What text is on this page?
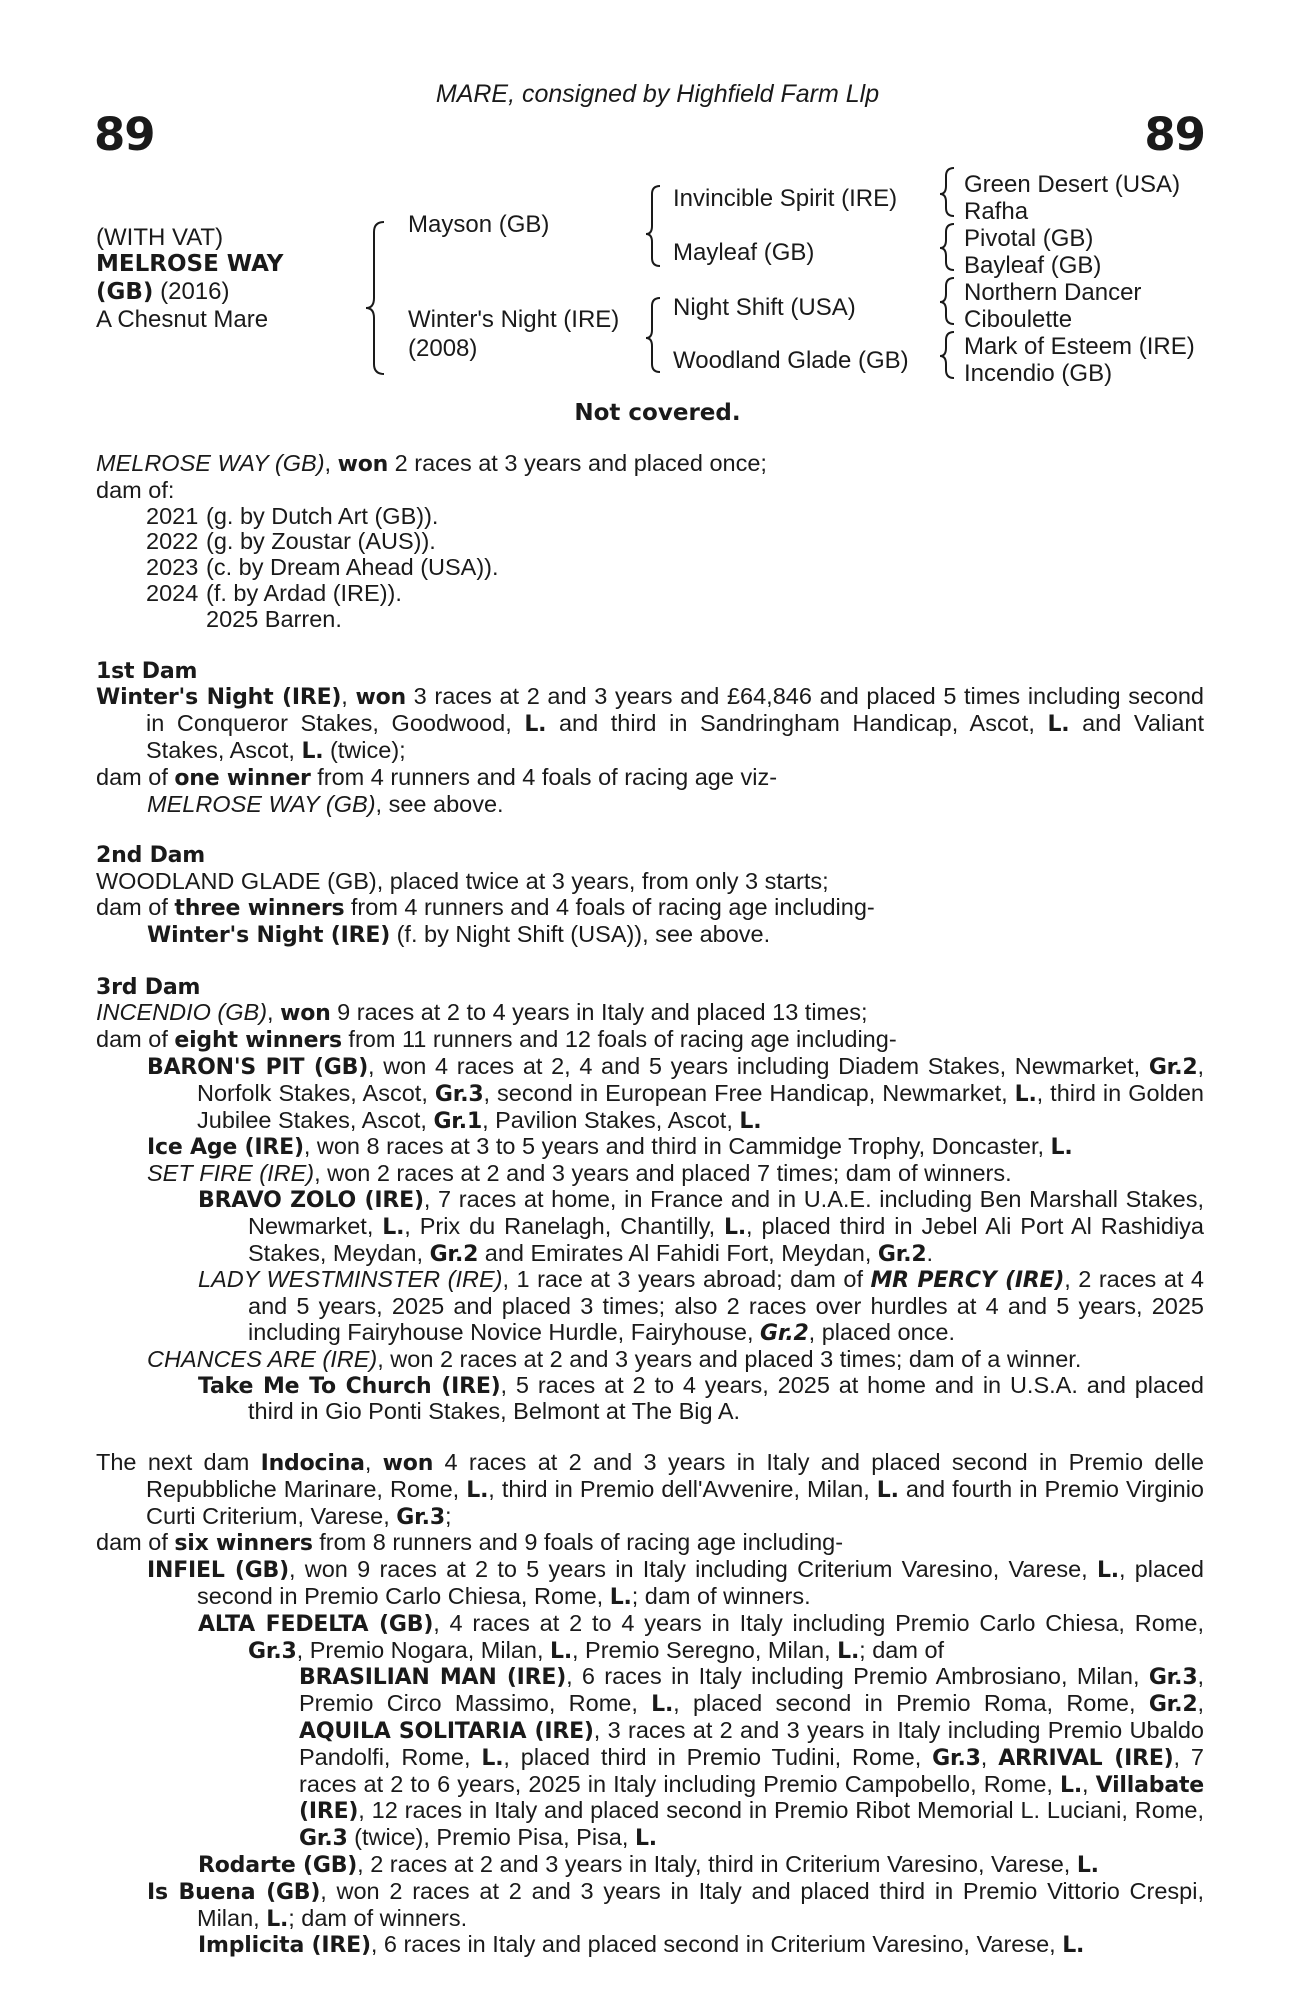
89	89
MARE, consigned by Highfield Farm Llp
(WITH VAT)
MELROSE WAY
(GB) (2016)
A Chesnut Mare
Mayson (GB)
Winter's Night (IRE)
(2008)
Invincible Spirit (IRE)
Mayleaf (GB)
Night Shift (USA)
Woodland Glade (GB)
Green Desert (USA)
Rafha
Pivotal (GB)
Bayleaf (GB)
Northern Dancer
Ciboulette
Mark of Esteem (IRE)
Incendio (GB)
Not covered.

MELROSE WAY (GB), won 2 races at 3 years and placed once;

dam of:

2021 (g. by Dutch Art (GB)).
2022 (g. by Zoustar (AUS)).
2023 (c. by Dream Ahead (USA)).
2024 (f. by Ardad (IRE)).
2025 Barren.

1st Dam

Winter's Night (IRE), won 3 races at 2 and 3 years and £64,846 and placed 5 times including second in Conqueror Stakes, Goodwood, L. and third in Sandringham Handicap, Ascot, L. and Valiant Stakes, Ascot, L. (twice);

dam of one winner from 4 runners and 4 foals of racing age viz-

MELROSE WAY (GB), see above.

2nd Dam

WOODLAND GLADE (GB), placed twice at 3 years, from only 3 starts;

dam of three winners from 4 runners and 4 foals of racing age including-

Winter's Night (IRE) (f. by Night Shift (USA)), see above.

3rd Dam

INCENDIO (GB), won 9 races at 2 to 4 years in Italy and placed 13 times;

dam of eight winners from 11 runners and 12 foals of racing age including-

BARON'S PIT (GB), won 4 races at 2, 4 and 5 years including Diadem Stakes, Newmarket, Gr.2, Norfolk Stakes, Ascot, Gr.3, second in European Free Handicap, Newmarket, L., third in Golden Jubilee Stakes, Ascot, Gr.1, Pavilion Stakes, Ascot, L.

Ice Age (IRE), won 8 races at 3 to 5 years and third in Cammidge Trophy, Doncaster, L.

SET FIRE (IRE), won 2 races at 2 and 3 years and placed 7 times; dam of winners.

BRAVO ZOLO (IRE), 7 races at home, in France and in U.A.E. including Ben Marshall Stakes, Newmarket, L., Prix du Ranelagh, Chantilly, L., placed third in Jebel Ali Port Al Rashidiya Stakes, Meydan, Gr.2 and Emirates Al Fahidi Fort, Meydan, Gr.2.

LADY WESTMINSTER (IRE), 1 race at 3 years abroad; dam of MR PERCY (IRE), 2 races at 4 and 5 years, 2025 and placed 3 times; also 2 races over hurdles at 4 and 5 years, 2025 including Fairyhouse Novice Hurdle, Fairyhouse, Gr.2, placed once.

CHANCES ARE (IRE), won 2 races at 2 and 3 years and placed 3 times; dam of a winner.

Take Me To Church (IRE), 5 races at 2 to 4 years, 2025 at home and in U.S.A. and placed third in Gio Ponti Stakes, Belmont at The Big A.

The next dam Indocina, won 4 races at 2 and 3 years in Italy and placed second in Premio delle Repubbliche Marinare, Rome, L., third in Premio dell'Avvenire, Milan, L. and fourth in Premio Virginio Curti Criterium, Varese, Gr.3;

dam of six winners from 8 runners and 9 foals of racing age including-

INFIEL (GB), won 9 races at 2 to 5 years in Italy including Criterium Varesino, Varese, L., placed second in Premio Carlo Chiesa, Rome, L.; dam of winners.

ALTA FEDELTA (GB), 4 races at 2 to 4 years in Italy including Premio Carlo Chiesa, Rome, Gr.3, Premio Nogara, Milan, L., Premio Seregno, Milan, L.; dam of

BRASILIAN MAN (IRE), 6 races in Italy including Premio Ambrosiano, Milan, Gr.3, Premio Circo Massimo, Rome, L., placed second in Premio Roma, Rome, Gr.2, AQUILA SOLITARIA (IRE), 3 races at 2 and 3 years in Italy including Premio Ubaldo Pandolfi, Rome, L., placed third in Premio Tudini, Rome, Gr.3, ARRIVAL (IRE), 7 races at 2 to 6 years, 2025 in Italy including Premio Campobello, Rome, L., Villabate (IRE), 12 races in Italy and placed second in Premio Ribot Memorial L. Luciani, Rome, Gr.3 (twice), Premio Pisa, Pisa, L.

Rodarte (GB), 2 races at 2 and 3 years in Italy, third in Criterium Varesino, Varese, L.

Is Buena (GB), won 2 races at 2 and 3 years in Italy and placed third in Premio Vittorio Crespi, Milan, L.; dam of winners.

Implicita (IRE), 6 races in Italy and placed second in Criterium Varesino, Varese, L.
